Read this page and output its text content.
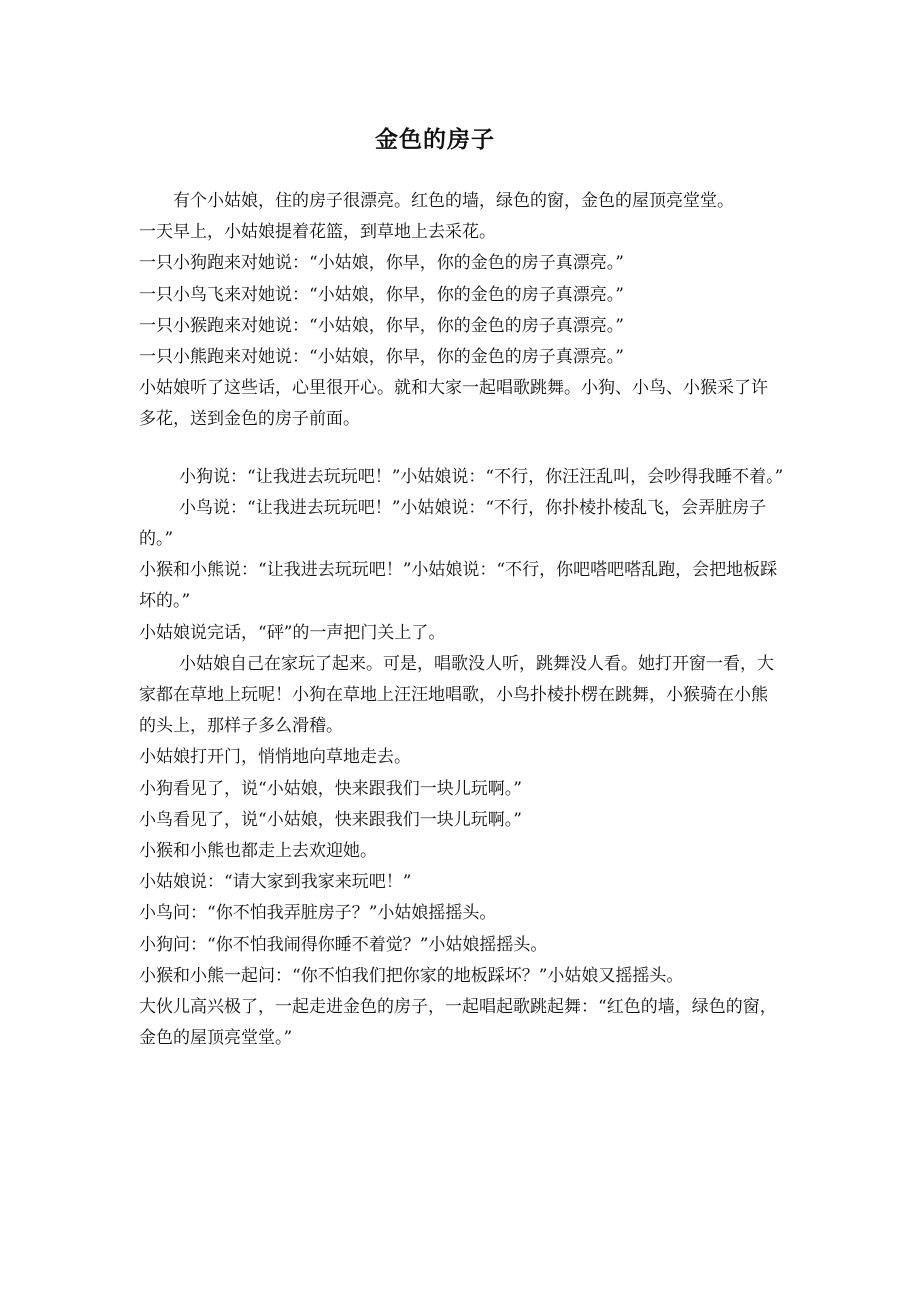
金色的房子

有个小姑娘，住的房子很漂亮。红色的墙，绿色的窗，金色的屋顶亮堂堂。

一天早上，小姑娘提着花篮，到草地上去采花。

一只小狗跑来对她说：“小姑娘，你早，你的金色的房子真漂亮。”

一只小鸟飞来对她说：“小姑娘，你早，你的金色的房子真漂亮。”

一只小猴跑来对她说：“小姑娘，你早，你的金色的房子真漂亮。”

一只小熊跑来对她说：“小姑娘，你早，你的金色的房子真漂亮。”

小姑娘听了这些话，心里很开心。就和大家一起唱歌跳舞。小狗、小鸟、小猴采了许多花，送到金色的房子前面。

小狗说：“让我进去玩玩吧！”小姑娘说：“不行，你汪汪乱叫，会吵得我睡不着。”

小鸟说：“让我进去玩玩吧！”小姑娘说：“不行，你扑棱扑棱乱飞，会弄脏房子的。”

小猴和小熊说：“让我进去玩玩吧！”小姑娘说：“不行，你吧嗒吧嗒乱跑，会把地板踩坏的。”

小姑娘说完话，“砰”的一声把门关上了。

小姑娘自己在家玩了起来。可是，唱歌没人听，跳舞没人看。她打开窗一看，大家都在草地上玩呢！小狗在草地上汪汪地唱歌，小鸟扑棱扑楞在跳舞，小猴骑在小熊的头上，那样子多么滑稽。

小姑娘打开门，悄悄地向草地走去。

小狗看见了，说“小姑娘，快来跟我们一块儿玩啊。”

小鸟看见了，说“小姑娘，快来跟我们一块儿玩啊。”

小猴和小熊也都走上去欢迎她。

小姑娘说：“请大家到我家来玩吧！”

小鸟问：“你不怕我弄脏房子？”小姑娘摇摇头。

小狗问：“你不怕我闹得你睡不着觉？”小姑娘摇摇头。

小猴和小熊一起问：“你不怕我们把你家的地板踩坏？”小姑娘又摇摇头。

大伙儿高兴极了，一起走进金色的房子，一起唱起歌跳起舞：“红色的墙，绿色的窗，金色的屋顶亮堂堂。”
